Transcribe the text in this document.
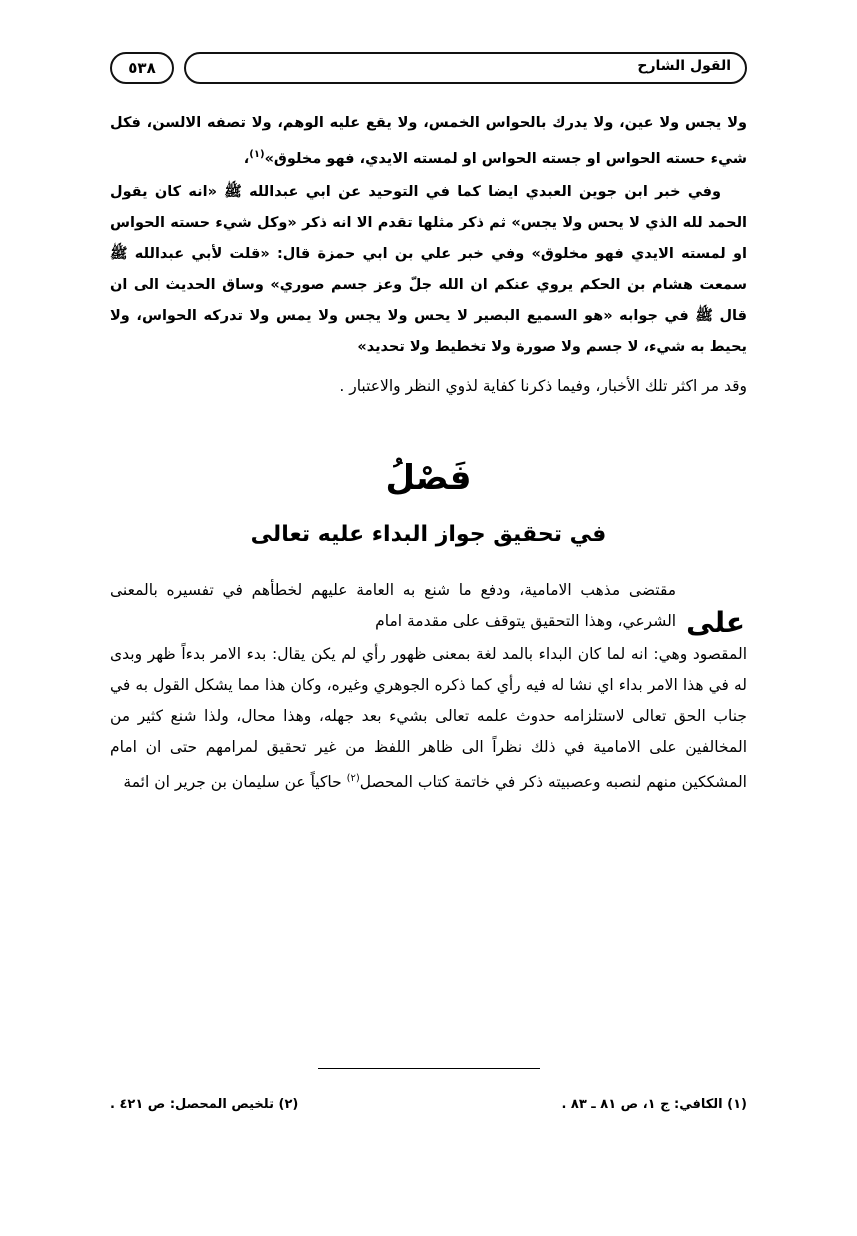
القول الشارح
٥٣٨

ولا يجس ولا عين، ولا يدرك بالحواس الخمس، ولا يقع عليه الوهم، ولا تصفه الالسن، فكل شيء حسته الحواس او جسته الحواس او لمسته الايدي، فهو مخلوق»$^{(١)}$،

وفي خبر ابن جوين العبدي ايضا كما في التوحيد عن ابي عبدالله ﷺ «انه كان يقول الحمد لله الذي لا يحس ولا يجس» ثم ذكر مثلها تقدم الا انه ذكر «وكل شيء حسته الحواس او لمسته الايدي فهو مخلوق» وفي خبر علي بن ابي حمزة قال: «قلت لأبي عبدالله ﷺ سمعت هشام بن الحكم يروي عنكم ان الله جلّ وعز جسم صوري» وساق الحديث الى ان قال ﷺ في جوابه «هو السميع البصير لا يحس ولا يجس ولا يمس ولا تدركه الحواس، ولا يحيط به شيء، لا جسم ولا صورة ولا تخطيط ولا تحديد»

وقد مر اكثر تلك الأخبار، وفيما ذكرنا كفاية لذوي النظر والاعتبار .

فَصْلُ
في تحقيق جواز البداء عليه تعالى
على

مقتضى مذهب الامامية، ودفع ما شنع به العامة عليهم لخطأهم في تفسيره بالمعنى الشرعي، وهذا التحقيق يتوقف على مقدمة امام

المقصود وهي: انه لما كان البداء بالمد لغة بمعنى ظهور رأي لم يكن يقال: بدء الامر بدءاً ظهر وبدى له في هذا الامر بداء اي نشا له فيه رأي كما ذكره الجوهري وغيره، وكان هذا مما يشكل القول به في جناب الحق تعالى لاستلزامه حدوث علمه تعالى بشيء بعد جهله، وهذا محال، ولذا شنع كثير من المخالفين على الامامية في ذلك نظراً الى ظاهر اللفظ من غير تحقيق لمرامهم حتى ان امام المشككين منهم لنصبه وعصبيته ذكر في خاتمة كتاب المحصل$^{(٢)}$ حاكياً عن سليمان بن جرير ان ائمة

(١) الكافي: ج ١، ص ٨١ ـ ٨٣ .
(٢) تلخيص المحصل: ص ٤٢١ .
